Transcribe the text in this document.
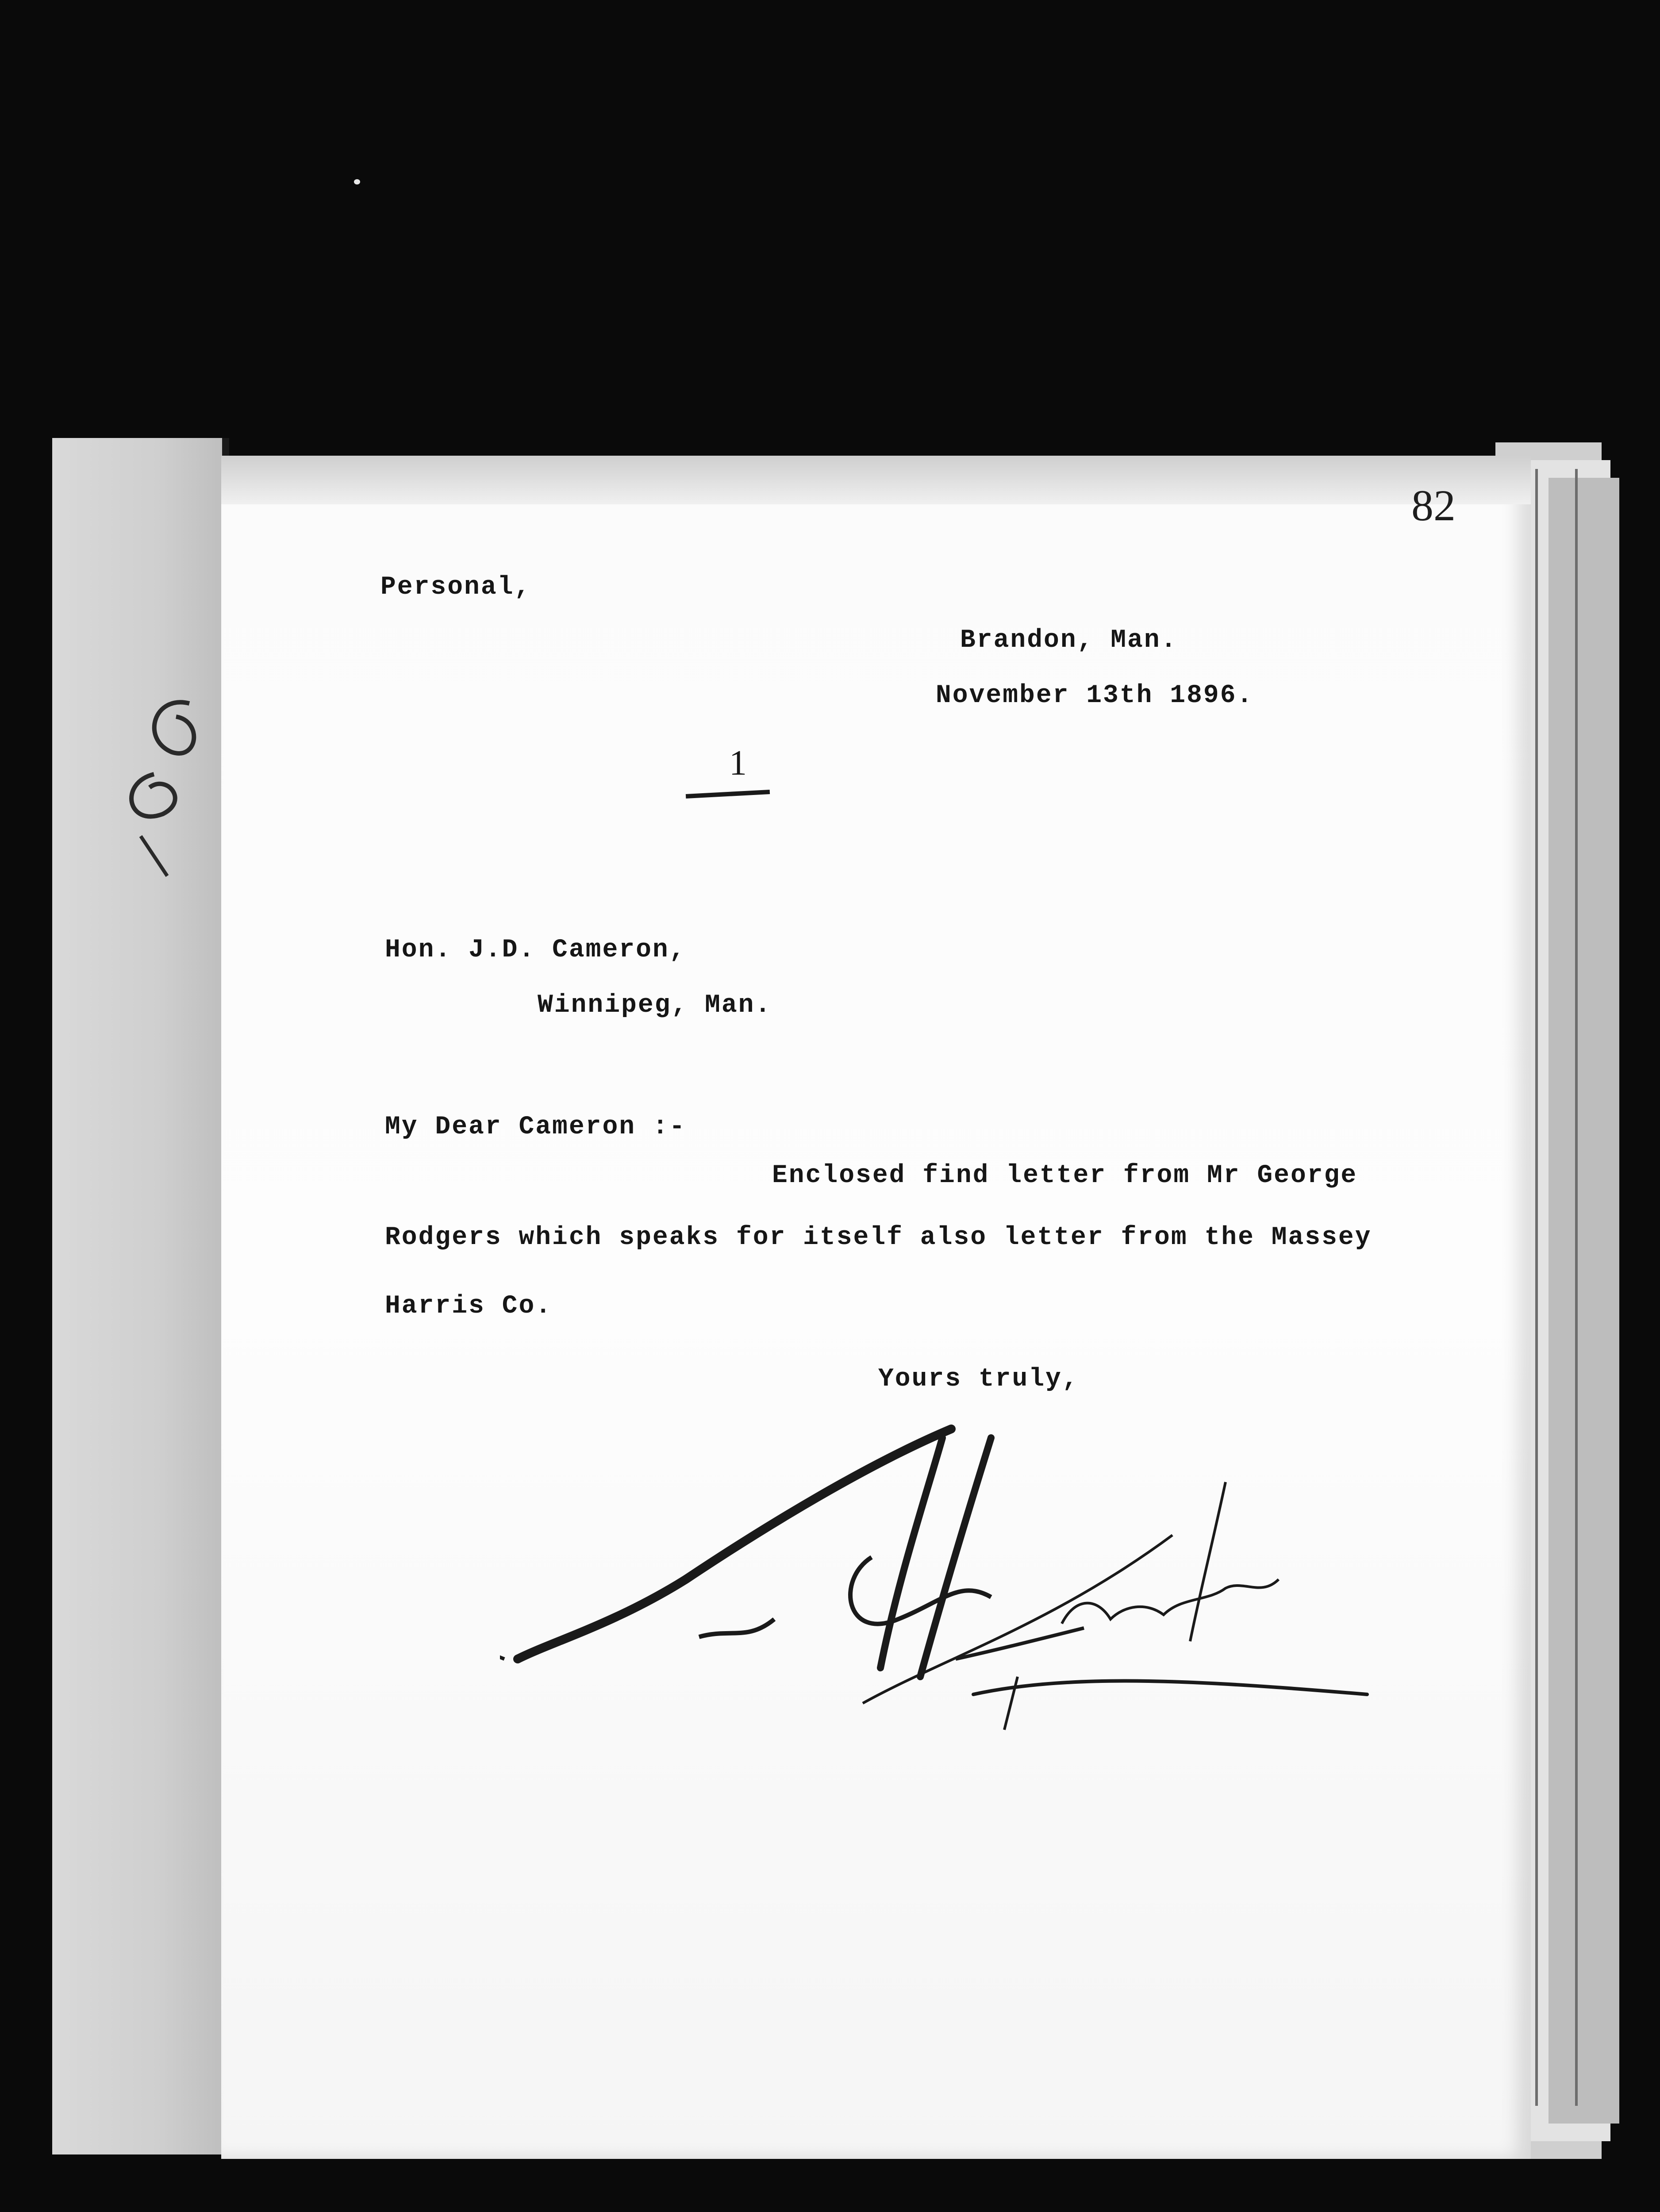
82
Personal,
Brandon, Man.
November 13th 1896.
1
Hon. J.D. Cameron,
Winnipeg, Man.
My Dear Cameron :-
Enclosed find letter from Mr George
Rodgers which speaks for itself also letter from the Massey
Harris Co.
Yours truly,
